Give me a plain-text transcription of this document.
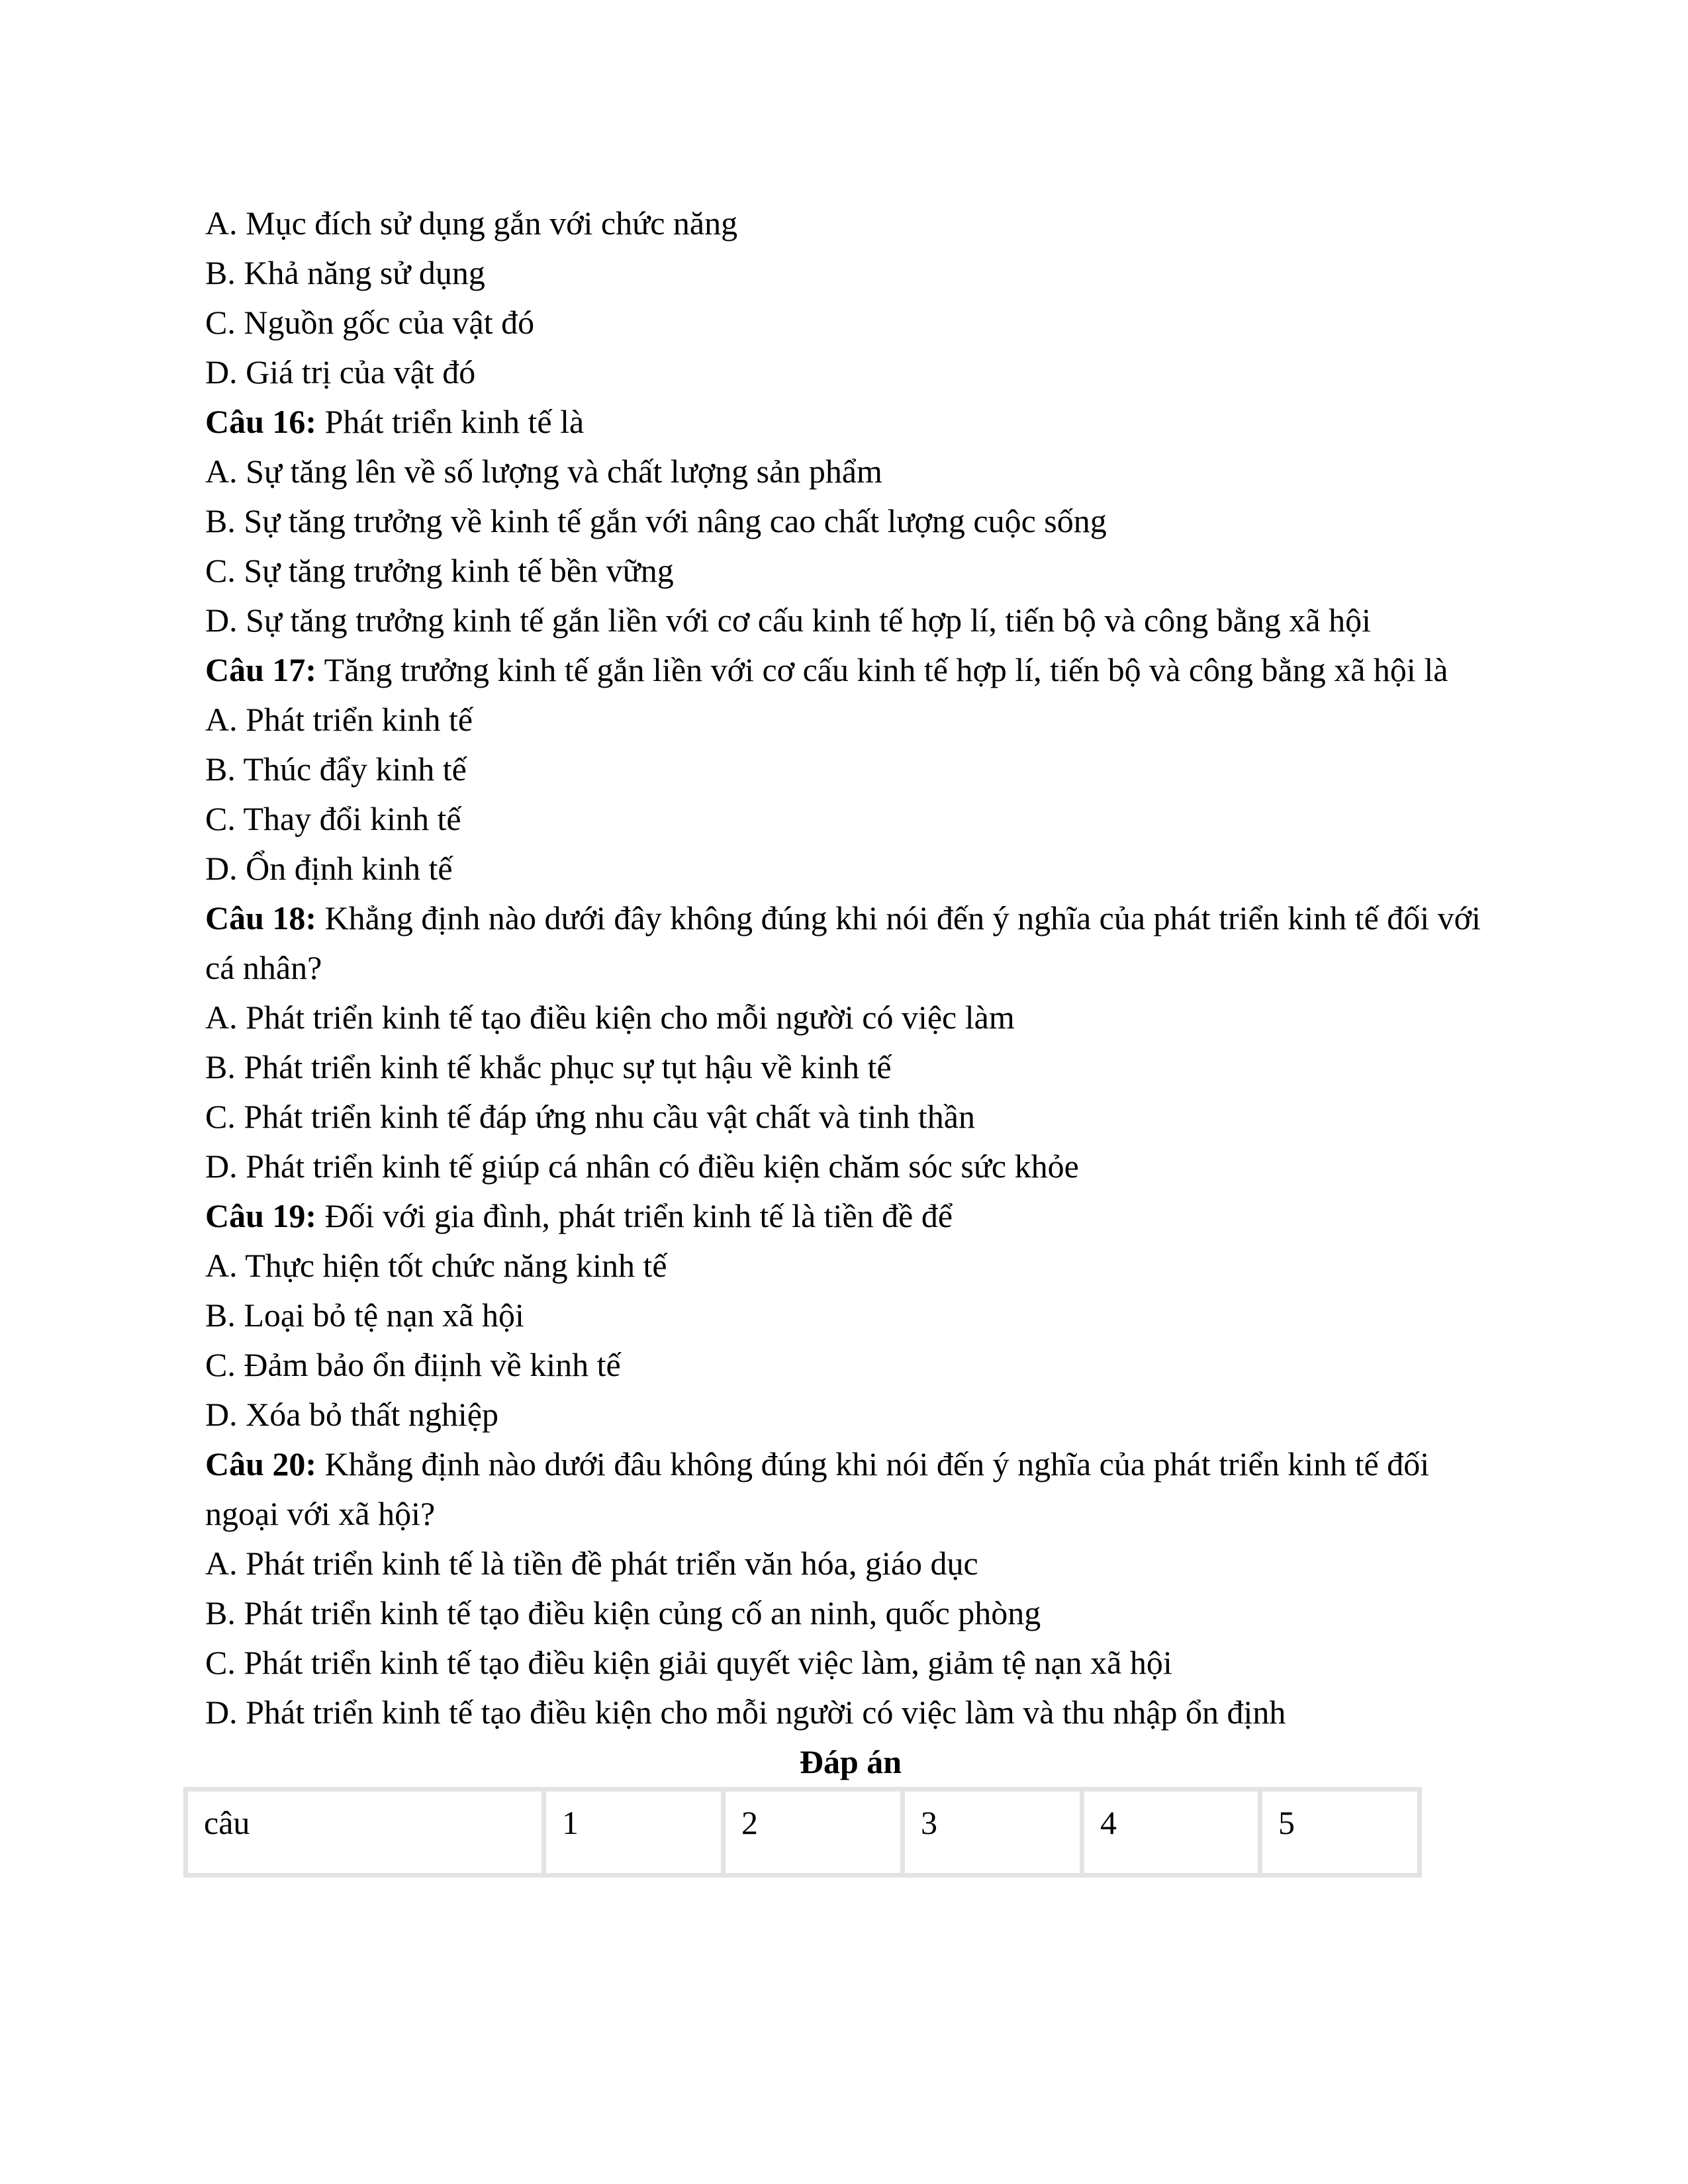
A. Mục đích sử dụng gắn với chức năng

B. Khả năng sử dụng

C. Nguồn gốc của vật đó

D. Giá trị của vật đó

Câu 16: Phát triển kinh tế là

A. Sự tăng lên về số lượng và chất lượng sản phẩm

B. Sự tăng trưởng về kinh tế gắn với nâng cao chất lượng cuộc sống

C. Sự tăng trưởng kinh tế bền vững

D. Sự tăng trưởng kinh tế gắn liền với cơ cấu kinh tế hợp lí, tiến bộ và công bằng xã hội

Câu 17: Tăng trưởng kinh tế gắn liền với cơ cấu kinh tế hợp lí, tiến bộ và công bằng xã hội là

A. Phát triển kinh tế

B. Thúc đẩy kinh tế

C. Thay đổi kinh tế

D. Ổn định kinh tế

Câu 18: Khẳng định nào dưới đây không đúng khi nói đến ý nghĩa của phát triển kinh tế đối với cá nhân?

A. Phát triển kinh tế tạo điều kiện cho mỗi người có việc làm

B. Phát triển kinh tế khắc phục sự tụt hậu về kinh tế

C. Phát triển kinh tế đáp ứng nhu cầu vật chất và tinh thần

D. Phát triển kinh tế giúp cá nhân có điều kiện chăm sóc sức khỏe

Câu 19: Đối với gia đình, phát triển kinh tế là tiền đề để

A. Thực hiện tốt chức năng kinh tế

B. Loại bỏ tệ nạn xã hội

C. Đảm bảo ổn điịnh về kinh tế

D. Xóa bỏ thất nghiệp

Câu 20: Khẳng định nào dưới đâu không đúng khi nói đến ý nghĩa của phát triển kinh tế đối ngoại với xã hội?

A. Phát triển kinh tế là tiền đề phát triển văn hóa, giáo dục

B. Phát triển kinh tế tạo điều kiện củng cố an ninh, quốc phòng

C. Phát triển kinh tế tạo điều kiện giải quyết việc làm, giảm tệ nạn xã hội

D. Phát triển kinh tế tạo điều kiện cho mỗi người có việc làm và thu nhập ổn định

Đáp án

câu	1	2	3	4	5
